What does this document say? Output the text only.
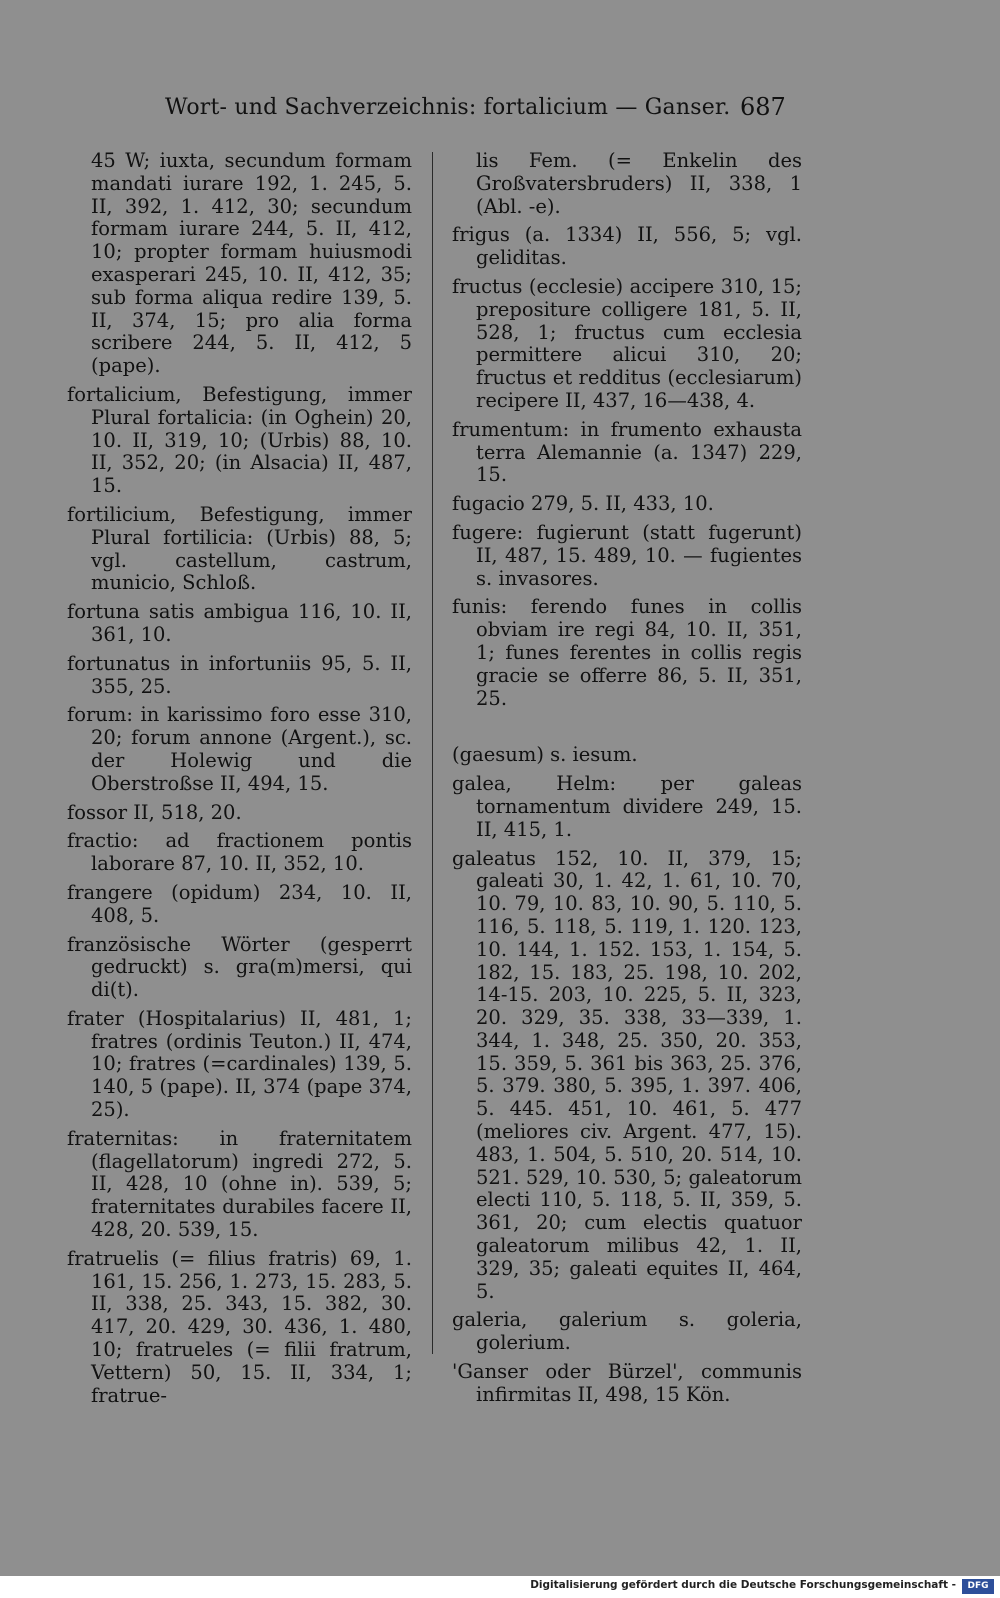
Wort- und Sachverzeichnis: fortalicium — Ganser. 687

45 W; iuxta, secundum formam mandati iurare 192, 1. 245, 5. II, 392, 1. 412, 30; secundum formam iurare 244, 5. II, 412, 10; propter formam huiusmodi exasperari 245, 10. II, 412, 35; sub forma aliqua redire 139, 5. II, 374, 15; pro alia forma scribere 244, 5. II, 412, 5 (pape).

fortalicium, Befestigung, immer Plural fortalicia: (in Oghein) 20, 10. II, 319, 10; (Urbis) 88, 10. II, 352, 20; (in Alsacia) II, 487, 15.

fortilicium, Befestigung, immer Plural fortilicia: (Urbis) 88, 5; vgl. castellum, castrum, municio, Schloß.

fortuna satis ambigua 116, 10. II, 361, 10.

fortunatus in infortuniis 95, 5. II, 355, 25.

forum: in karissimo foro esse 310, 20; forum annone (Argent.), sc. der Holewig und die Oberstroßse II, 494, 15.

fossor II, 518, 20.

fractio: ad fractionem pontis laborare 87, 10. II, 352, 10.

frangere (opidum) 234, 10. II, 408, 5.

französische Wörter (gesperrt gedruckt) s. gra(m)mersi, qui di(t).

frater (Hospitalarius) II, 481, 1; fratres (ordinis Teuton.) II, 474, 10; fratres (=cardinales) 139, 5. 140, 5 (pape). II, 374 (pape 374, 25).

fraternitas: in fraternitatem (flagellatorum) ingredi 272, 5. II, 428, 10 (ohne in). 539, 5; fraternitates durabiles facere II, 428, 20. 539, 15.

fratruelis (= filius fratris) 69, 1. 161, 15. 256, 1. 273, 15. 283, 5. II, 338, 25. 343, 15. 382, 30. 417, 20. 429, 30. 436, 1. 480, 10; fratrueles (= filii fratrum, Vettern) 50, 15. II, 334, 1; fratrue-

lis Fem. (= Enkelin des Großvatersbruders) II, 338, 1 (Abl. -e).

frigus (a. 1334) II, 556, 5; vgl. geliditas.

fructus (ecclesie) accipere 310, 15; prepositure colligere 181, 5. II, 528, 1; fructus cum ecclesia permittere alicui 310, 20; fructus et redditus (ecclesiarum) recipere II, 437, 16—438, 4.

frumentum: in frumento exhausta terra Alemannie (a. 1347) 229, 15.

fugacio 279, 5. II, 433, 10.

fugere: fugierunt (statt fugerunt) II, 487, 15. 489, 10. — fugientes s. invasores.

funis: ferendo funes in collis obviam ire regi 84, 10. II, 351, 1; funes ferentes in collis regis gracie se offerre 86, 5. II, 351, 25.

(gaesum) s. iesum.

galea, Helm: per galeas tornamentum dividere 249, 15. II, 415, 1.

galeatus 152, 10. II, 379, 15; galeati 30, 1. 42, 1. 61, 10. 70, 10. 79, 10. 83, 10. 90, 5. 110, 5. 116, 5. 118, 5. 119, 1. 120. 123, 10. 144, 1. 152. 153, 1. 154, 5. 182, 15. 183, 25. 198, 10. 202, 14-15. 203, 10. 225, 5. II, 323, 20. 329, 35. 338, 33—339, 1. 344, 1. 348, 25. 350, 20. 353, 15. 359, 5. 361 bis 363, 25. 376, 5. 379. 380, 5. 395, 1. 397. 406, 5. 445. 451, 10. 461, 5. 477 (meliores civ. Argent. 477, 15). 483, 1. 504, 5. 510, 20. 514, 10. 521. 529, 10. 530, 5; galeatorum electi 110, 5. 118, 5. II, 359, 5. 361, 20; cum electis quatuor galeatorum milibus 42, 1. II, 329, 35; galeati equites II, 464, 5.

galeria, galerium s. goleria, golerium.

'Ganser oder Bürzel', communis infirmitas II, 498, 15 Kön.

Digitalisierung gefördert durch die Deutsche Forschungsgemeinschaft -	DFG
